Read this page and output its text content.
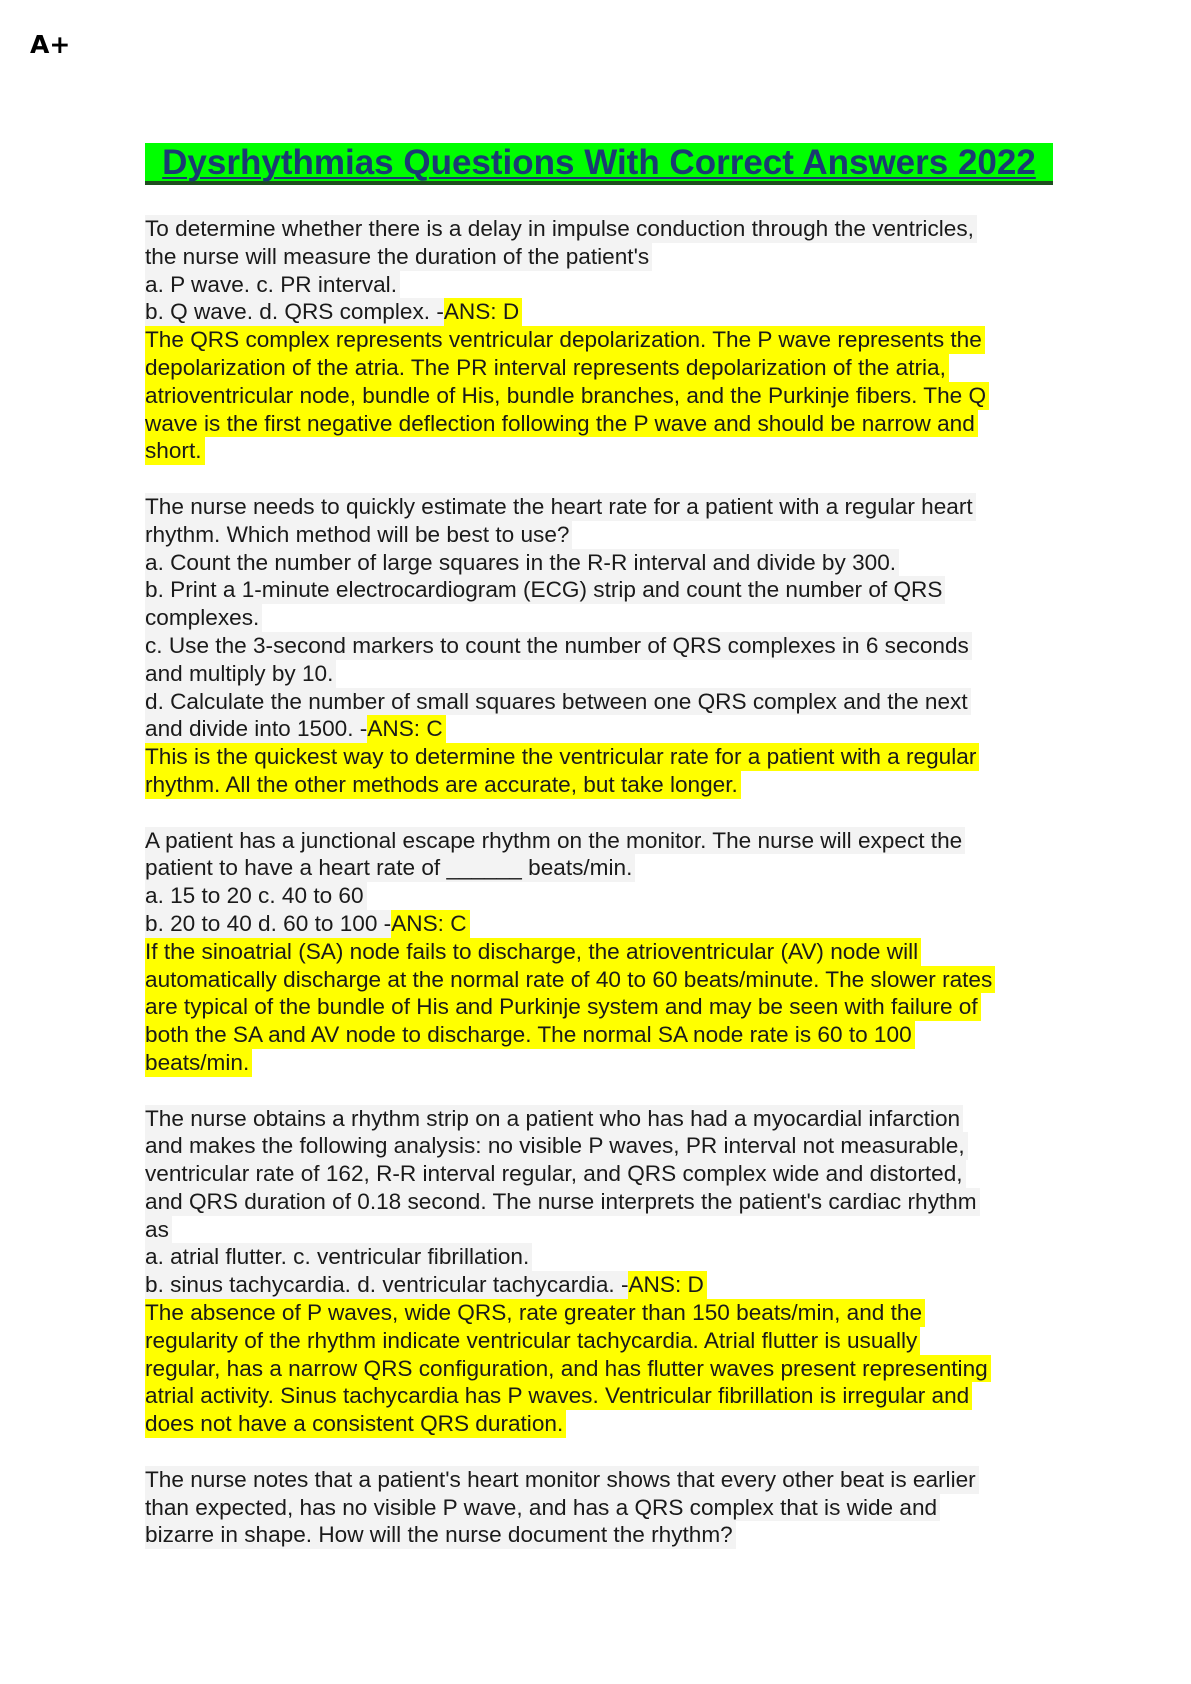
A+
Dysrhythmias Questions With Correct Answers 2022
To determine whether there is a delay in impulse conduction through the ventricles,
the nurse will measure the duration of the patient's
a. P wave. c. PR interval.
b. Q wave. d. QRS complex. -ANS: D
The QRS complex represents ventricular depolarization. The P wave represents the
depolarization of the atria. The PR interval represents depolarization of the atria,
atrioventricular node, bundle of His, bundle branches, and the Purkinje fibers. The Q
wave is the first negative deflection following the P wave and should be narrow and
short.
The nurse needs to quickly estimate the heart rate for a patient with a regular heart
rhythm. Which method will be best to use?
a. Count the number of large squares in the R-R interval and divide by 300.
b. Print a 1-minute electrocardiogram (ECG) strip and count the number of QRS
complexes.
c. Use the 3-second markers to count the number of QRS complexes in 6 seconds
and multiply by 10.
d. Calculate the number of small squares between one QRS complex and the next
and divide into 1500. -ANS: C
This is the quickest way to determine the ventricular rate for a patient with a regular
rhythm. All the other methods are accurate, but take longer.
A patient has a junctional escape rhythm on the monitor. The nurse will expect the
patient to have a heart rate of ______ beats/min.
a. 15 to 20 c. 40 to 60
b. 20 to 40 d. 60 to 100 -ANS: C
If the sinoatrial (SA) node fails to discharge, the atrioventricular (AV) node will
automatically discharge at the normal rate of 40 to 60 beats/minute. The slower rates
are typical of the bundle of His and Purkinje system and may be seen with failure of
both the SA and AV node to discharge. The normal SA node rate is 60 to 100
beats/min.
The nurse obtains a rhythm strip on a patient who has had a myocardial infarction
and makes the following analysis: no visible P waves, PR interval not measurable,
ventricular rate of 162, R-R interval regular, and QRS complex wide and distorted,
and QRS duration of 0.18 second. The nurse interprets the patient's cardiac rhythm
as
a. atrial flutter. c. ventricular fibrillation.
b. sinus tachycardia. d. ventricular tachycardia. -ANS: D
The absence of P waves, wide QRS, rate greater than 150 beats/min, and the
regularity of the rhythm indicate ventricular tachycardia. Atrial flutter is usually
regular, has a narrow QRS configuration, and has flutter waves present representing
atrial activity. Sinus tachycardia has P waves. Ventricular fibrillation is irregular and
does not have a consistent QRS duration.
The nurse notes that a patient's heart monitor shows that every other beat is earlier
than expected, has no visible P wave, and has a QRS complex that is wide and
bizarre in shape. How will the nurse document the rhythm?
